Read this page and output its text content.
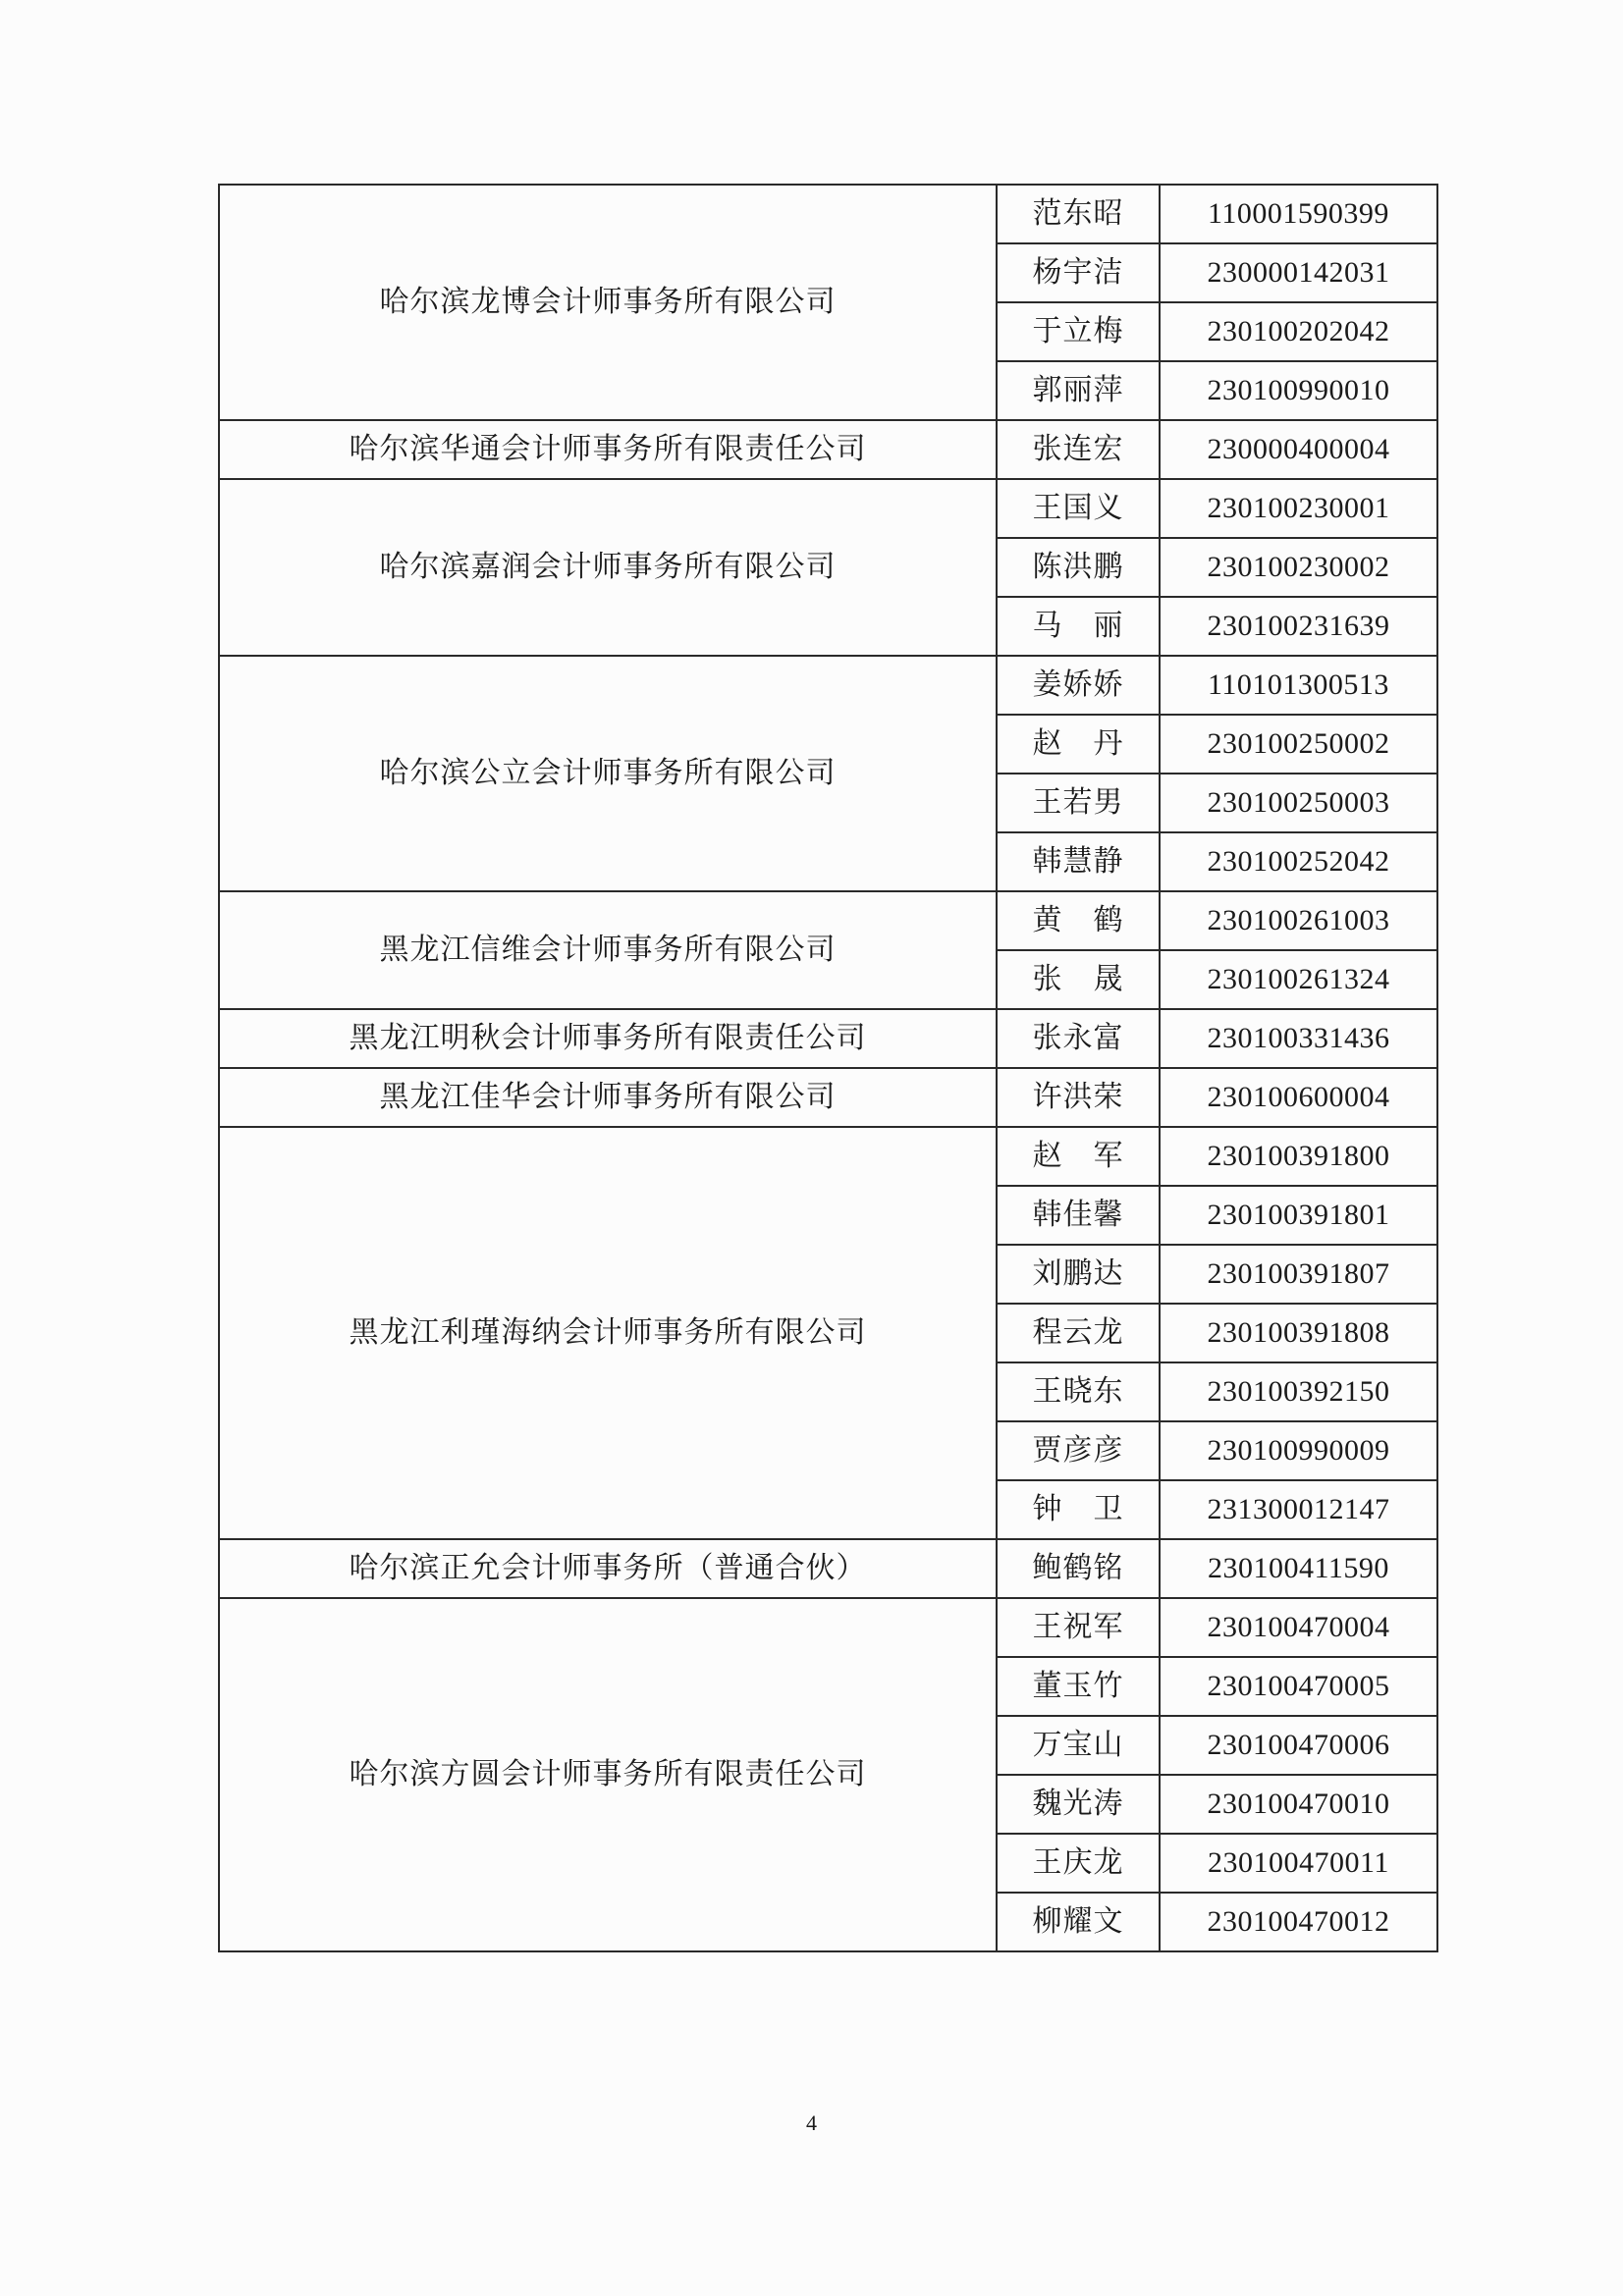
哈尔滨龙博会计师事务所有限公司	范东昭	110001590399
	杨宇洁	230000142031
	于立梅	230100202042
	郭丽萍	230100990010
哈尔滨华通会计师事务所有限责任公司	张连宏	230000400004
哈尔滨嘉润会计师事务所有限公司	王国义	230100230001
	陈洪鹏	230100230002
	马　丽	230100231639
哈尔滨公立会计师事务所有限公司	姜娇娇	110101300513
	赵　丹	230100250002
	王若男	230100250003
	韩慧静	230100252042
黑龙江信维会计师事务所有限公司	黄　鹤	230100261003
	张　晟	230100261324
黑龙江明秋会计师事务所有限责任公司	张永富	230100331436
黑龙江佳华会计师事务所有限公司	许洪荣	230100600004
黑龙江利瑾海纳会计师事务所有限公司	赵　军	230100391800
	韩佳馨	230100391801
	刘鹏达	230100391807
	程云龙	230100391808
	王晓东	230100392150
	贾彦彦	230100990009
	钟　卫	231300012147
哈尔滨正允会计师事务所（普通合伙）	鲍鹤铭	230100411590
哈尔滨方圆会计师事务所有限责任公司	王祝军	230100470004
	董玉竹	230100470005
	万宝山	230100470006
	魏光涛	230100470010
	王庆龙	230100470011
	柳耀文	230100470012
4
